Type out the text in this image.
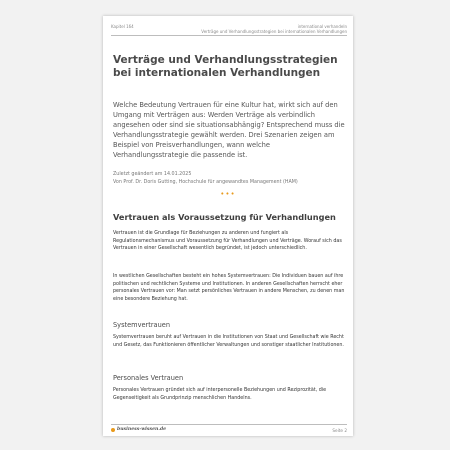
Kapitel 164	international verhandeln
Verträge und Verhandlungsstrategien bei internationalen Verhandlungen
Verträge und Verhandlungsstrategien bei internationalen Verhandlungen
Welche Bedeutung Vertrauen für eine Kultur hat, wirkt sich auf den Umgang mit Verträgen aus: Werden Verträge als verbindlich angesehen oder sind sie situationsabhängig? Entsprechend muss die Verhandlungsstrategie gewählt werden. Drei Szenarien zeigen am Beispiel von Preisverhandlungen, wann welche Verhandlungsstrategie die passende ist.
Zuletzt geändert am 14.01.2025
Von Prof. Dr. Doris Gutting, Hochschule für angewandtes Management (HAM)
•••
Vertrauen als Voraussetzung für Verhandlungen
Vertrauen ist die Grundlage für Beziehungen zu anderen und fungiert als Regulationsmechanismus und Voraussetzung für Verhandlungen und Verträge. Worauf sich das Vertrauen in einer Gesellschaft wesentlich begründet, ist jedoch unterschiedlich.
In westlichen Gesellschaften besteht ein hohes Systemvertrauen: Die Individuen bauen auf ihre politischen und rechtlichen Systeme und Institutionen. In anderen Gesellschaften herrscht eher personales Vertrauen vor: Man setzt persönliches Vertrauen in andere Menschen, zu denen man eine besondere Beziehung hat.
Systemvertrauen
Systemvertrauen beruht auf Vertrauen in die Institutionen von Staat und Gesellschaft wie Recht und Gesetz, das Funktionieren öffentlicher Verwaltungen und sonstiger staatlicher Institutionen.
Personales Vertrauen
Personales Vertrauen gründet sich auf interpersonelle Beziehungen und Reziprozität, die Gegenseitigkeit als Grundprinzip menschlichen Handelns.
business-wissen.de	Seite 2
